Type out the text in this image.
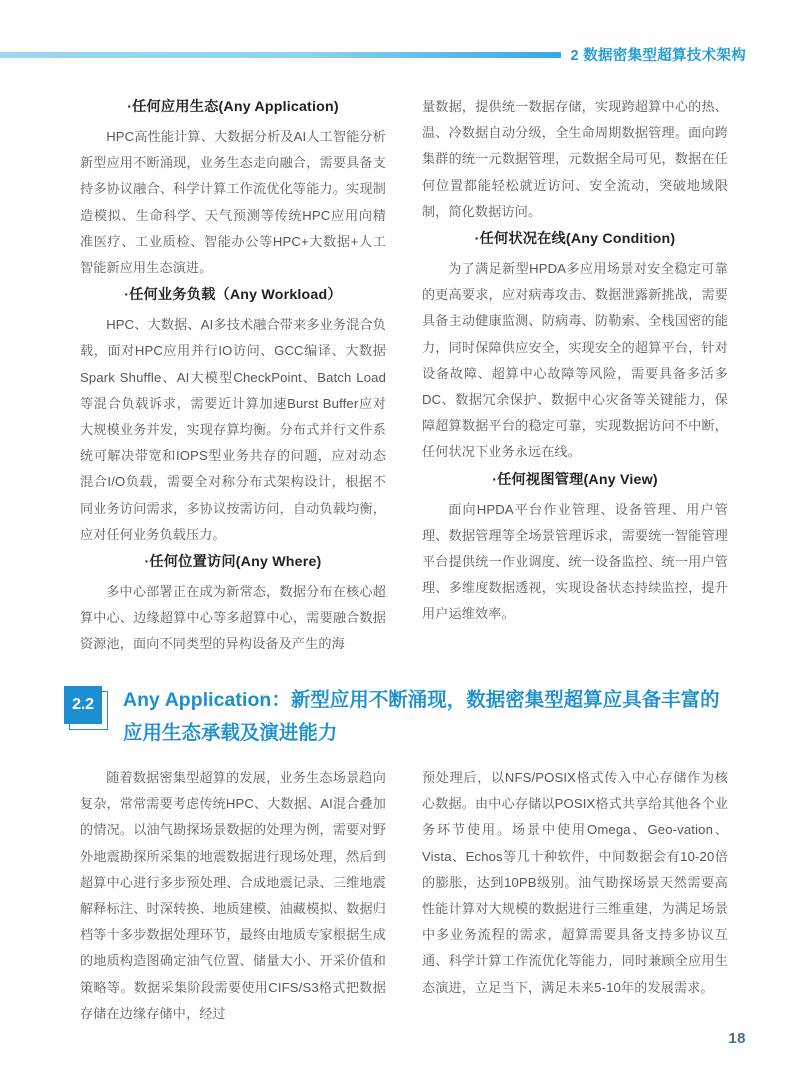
2 数据密集型超算技术架构
·任何应用生态(Any Application)

HPC高性能计算、大数据分析及AI人工智能分析新型应用不断涌现，业务生态走向融合，需要具备支持多协议融合、科学计算工作流优化等能力。实现制造模拟、生命科学、天气预测等传统HPC应用向精准医疗、工业质检、智能办公等HPC+大数据+人工智能新应用生态演进。

·任何业务负载（Any Workload）

HPC、大数据、AI多技术融合带来多业务混合负载，面对HPC应用并行IO访问、GCC编译、大数据Spark Shuffle、AI大模型CheckPoint、Batch Load等混合负载诉求，需要近计算加速Burst Buffer应对大规模业务并发，实现存算均衡。分布式并行文件系统可解决带宽和IOPS型业务共存的问题，应对动态混合I/O负载，需要全对称分布式架构设计，根据不同业务访问需求，多协议按需访问，自动负载均衡，应对任何业务负载压力。

·任何位置访问(Any Where)

多中心部署正在成为新常态，数据分布在核心超算中心、边缘超算中心等多超算中心，需要融合数据资源池，面向不同类型的异构设备及产生的海

量数据，提供统一数据存储，实现跨超算中心的热、温、冷数据自动分级，全生命周期数据管理。面向跨集群的统一元数据管理，元数据全局可见，数据在任何位置都能轻松就近访问、安全流动，突破地域限制，简化数据访问。

·任何状况在线(Any Condition)

为了满足新型HPDA多应用场景对安全稳定可靠的更高要求，应对病毒攻击、数据泄露新挑战，需要具备主动健康监测、防病毒、防勒索、全栈国密的能力，同时保障供应安全，实现安全的超算平台，针对设备故障、超算中心故障等风险，需要具备多活多DC、数据冗余保护、数据中心灾备等关键能力，保障超算数据平台的稳定可靠，实现数据访问不中断，任何状况下业务永远在线。

·任何视图管理(Any View)

面向HPDA平台作业管理、设备管理、用户管理、数据管理等全场景管理诉求，需要统一智能管理平台提供统一作业调度、统一设备监控、统一用户管理、多维度数据透视，实现设备状态持续监控，提升用户运维效率。

2.2	Any Application：新型应用不断涌现，数据密集型超算应具备丰富的应用生态承载及演进能力

随着数据密集型超算的发展，业务生态场景趋向复杂，常常需要考虑传统HPC、大数据、AI混合叠加的情况。以油气勘探场景数据的处理为例，需要对野外地震勘探所采集的地震数据进行现场处理，然后到超算中心进行多步预处理、合成地震记录、三维地震解释标注、时深转换、地质建模、油藏模拟、数据归档等十多步数据处理环节，最终由地质专家根据生成的地质构造图确定油气位置、储量大小、开采价值和策略等。数据采集阶段需要使用CIFS/S3格式把数据存储在边缘存储中，经过

预处理后，以NFS/POSIX格式传入中心存储作为核心数据。由中心存储以POSIX格式共享给其他各个业务环节使用。场景中使用Omega、Geo-vation、Vista、Echos等几十种软件，中间数据会有10-20倍的膨胀，达到10PB级别。油气勘探场景天然需要高性能计算对大规模的数据进行三维重建，为满足场景中多业务流程的需求，超算需要具备支持多协议互通、科学计算工作流优化等能力，同时兼顾全应用生态演进，立足当下，满足未来5-10年的发展需求。

18
